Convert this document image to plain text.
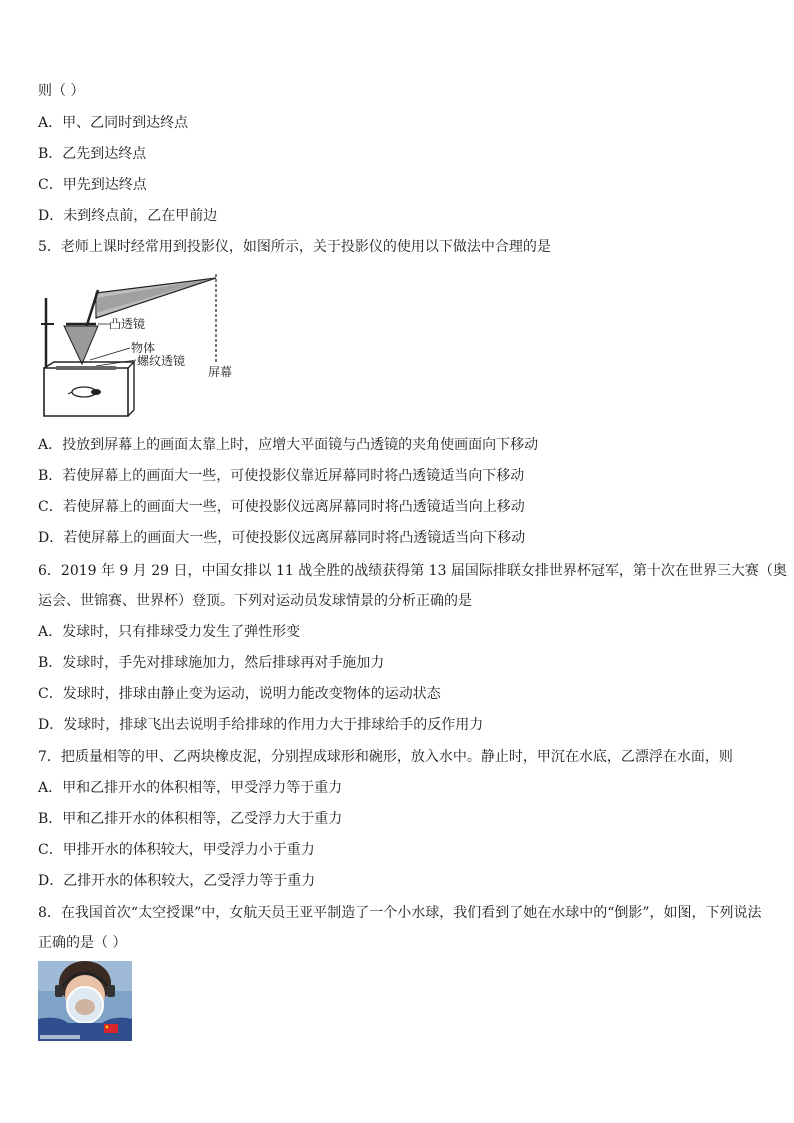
则（ ）
A．甲、乙同时到达终点
B．乙先到达终点
C．甲先到达终点
D．未到终点前，乙在甲前边
5．老师上课时经常用到投影仪，如图所示，关于投影仪的使用以下做法中合理的是
凸透镜
物体
螺纹透镜
屏幕
A．投放到屏幕上的画面太靠上时，应增大平面镜与凸透镜的夹角使画面向下移动
B．若使屏幕上的画面大一些，可使投影仪靠近屏幕同时将凸透镜适当向下移动
C．若使屏幕上的画面大一些，可使投影仪远离屏幕同时将凸透镜适当向上移动
D．若使屏幕上的画面大一些，可使投影仪远离屏幕同时将凸透镜适当向下移动
6．2019 年 9 月 29 日，中国女排以 11 战全胜的战绩获得第 13 届国际排联女排世界杯冠军，第十次在世界三大赛（奥
运会、世锦赛、世界杯）登顶。下列对运动员发球情景的分析正确的是
A．发球时，只有排球受力发生了弹性形变
B．发球时，手先对排球施加力，然后排球再对手施加力
C．发球时，排球由静止变为运动，说明力能改变物体的运动状态
D．发球时，排球飞出去说明手给排球的作用力大于排球给手的反作用力
7．把质量相等的甲、乙两块橡皮泥，分别捏成球形和碗形，放入水中。静止时，甲沉在水底，乙漂浮在水面，则
A．甲和乙排开水的体积相等，甲受浮力等于重力
B．甲和乙排开水的体积相等，乙受浮力大于重力
C．甲排开水的体积较大，甲受浮力小于重力
D．乙排开水的体积较大，乙受浮力等于重力
8．在我国首次“太空授课”中，女航天员王亚平制造了一个小水球，我们看到了她在水球中的“倒影”，如图，下列说法
正确的是（ ）
